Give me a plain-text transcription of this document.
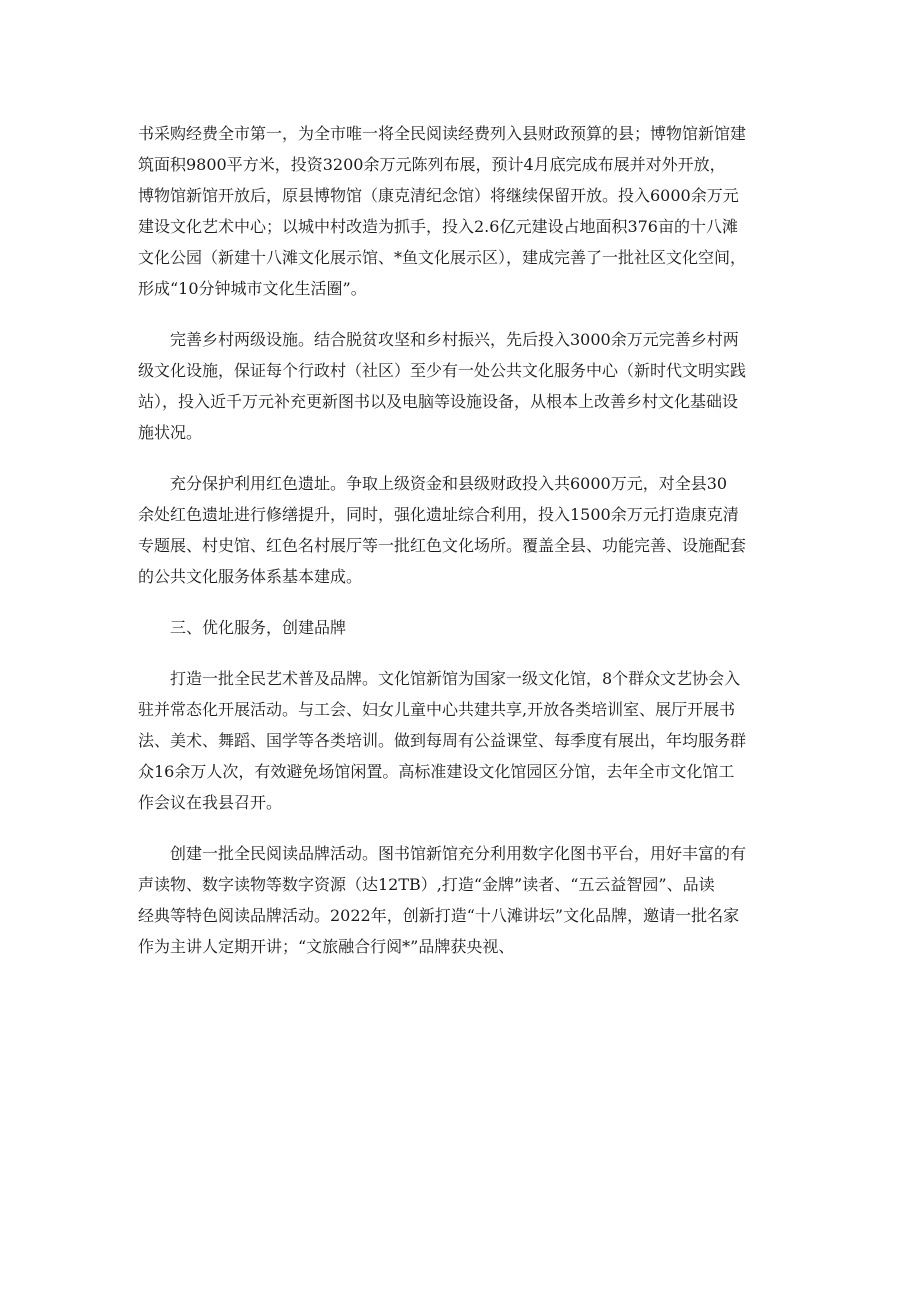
书采购经费全市第一，为全市唯一将全民阅读经费列入县财政预算的县；博物馆新馆建
筑面积9800平方米，投资3200余万元陈列布展，预计4月底完成布展并对外开放，
博物馆新馆开放后，原县博物馆（康克清纪念馆）将继续保留开放。投入6000余万元
建设文化艺术中心；以城中村改造为抓手，投入2.6亿元建设占地面积376亩的十八滩
文化公园（新建十八滩文化展示馆、*鱼文化展示区），建成完善了一批社区文化空间，
形成“10分钟城市文化生活圈”。
完善乡村两级设施。结合脱贫攻坚和乡村振兴，先后投入3000余万元完善乡村两
级文化设施，保证每个行政村（社区）至少有一处公共文化服务中心（新时代文明实践
站），投入近千万元补充更新图书以及电脑等设施设备，从根本上改善乡村文化基础设
施状况。
充分保护利用红色遗址。争取上级资金和县级财政投入共6000万元，对全县30
余处红色遗址进行修缮提升，同时，强化遗址综合利用，投入1500余万元打造康克清
专题展、村史馆、红色名村展厅等一批红色文化场所。覆盖全县、功能完善、设施配套
的公共文化服务体系基本建成。
三、优化服务，创建品牌
打造一批全民艺术普及品牌。文化馆新馆为国家一级文化馆，8个群众文艺协会入
驻并常态化开展活动。与工会、妇女儿童中心共建共享,开放各类培训室、展厅开展书
法、美术、舞蹈、国学等各类培训。做到每周有公益课堂、每季度有展出，年均服务群
众16余万人次，有效避免场馆闲置。高标准建设文化馆园区分馆，去年全市文化馆工
作会议在我县召开。
创建一批全民阅读品牌活动。图书馆新馆充分利用数字化图书平台，用好丰富的有
声读物、数字读物等数字资源（达12TB）,打造“金牌”读者、“五云益智园”、品读
经典等特色阅读品牌活动。2022年，创新打造“十八滩讲坛”文化品牌，邀请一批名家
作为主讲人定期开讲；“文旅融合行阅*”品牌获央视、
